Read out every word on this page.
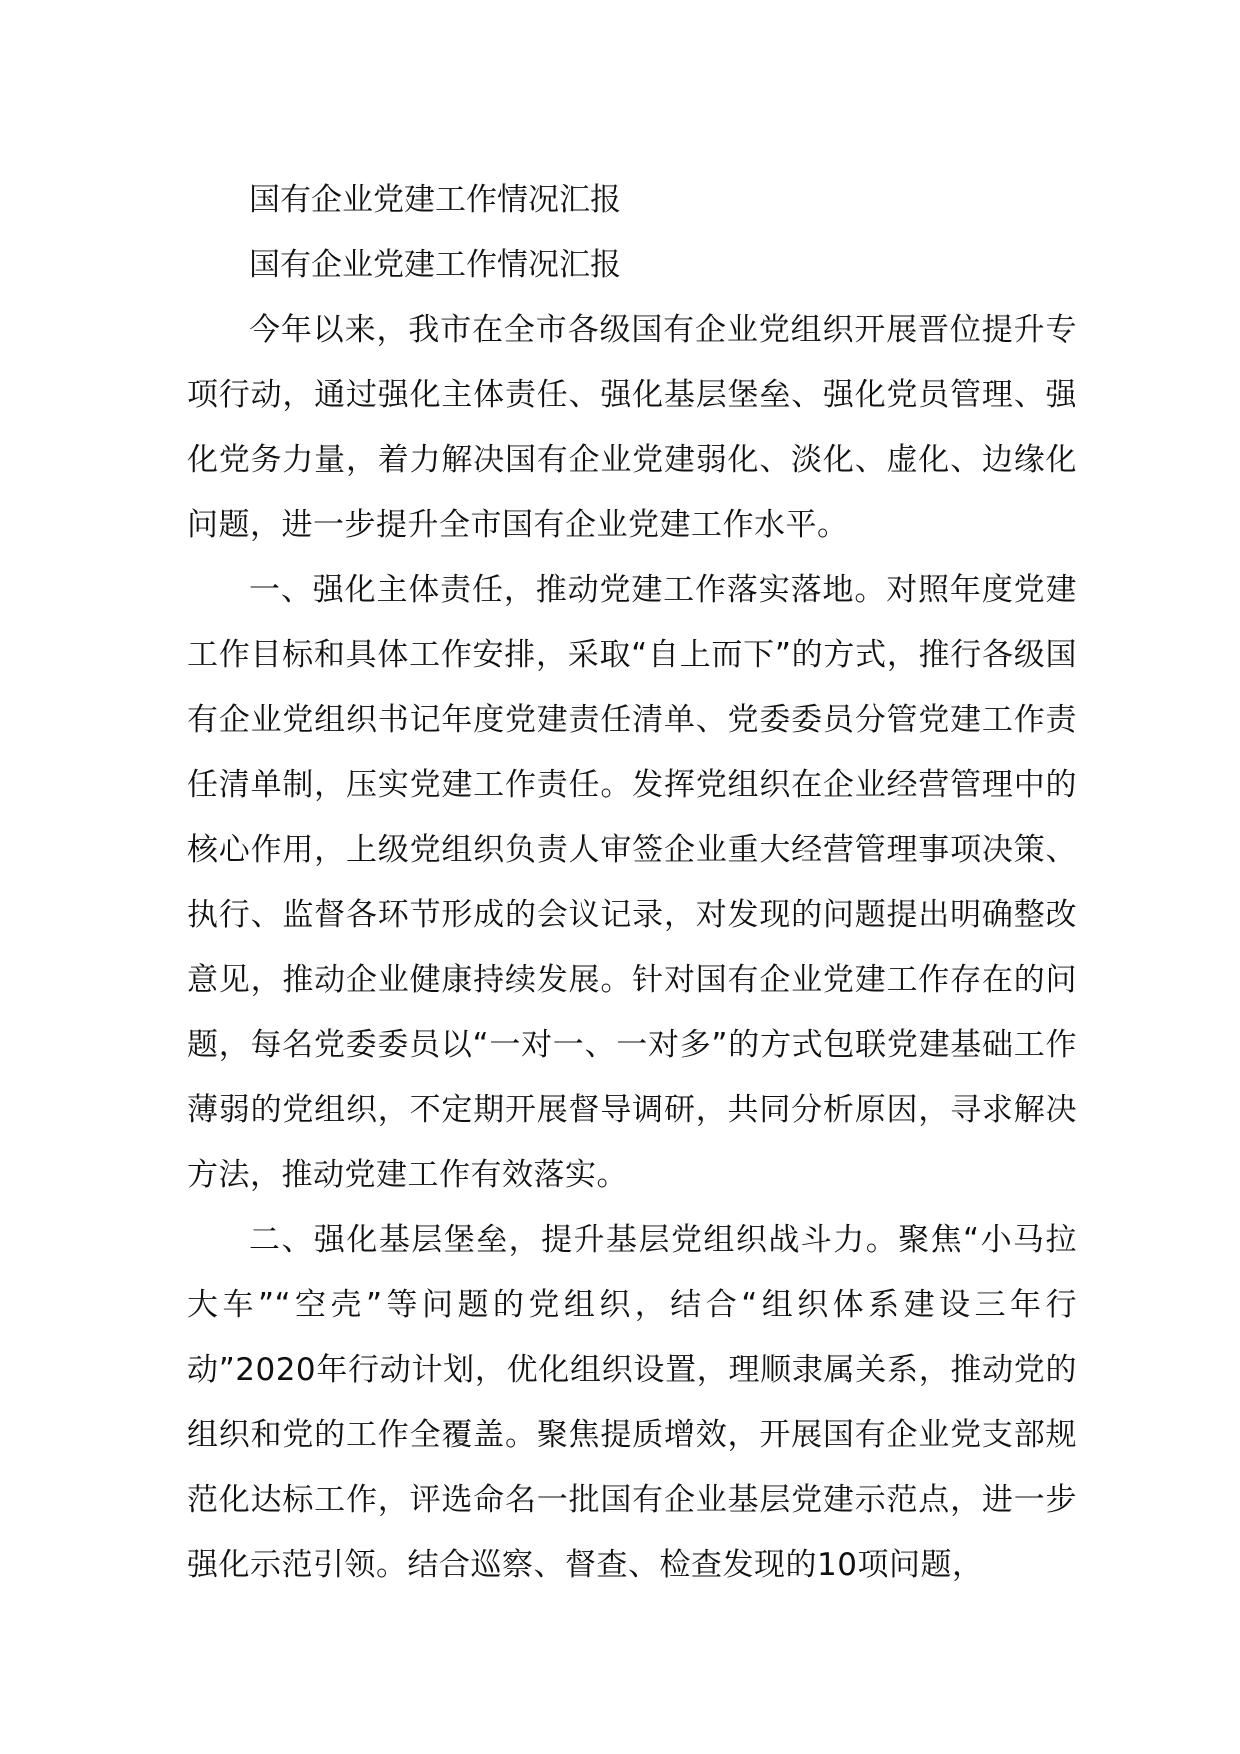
国有企业党建工作情况汇报

国有企业党建工作情况汇报

今年以来，我市在全市各级国有企业党组织开展晋位提升专项行动，通过强化主体责任、强化基层堡垒、强化党员管理、强化党务力量，着力解决国有企业党建弱化、淡化、虚化、边缘化问题，进一步提升全市国有企业党建工作水平。

一、强化主体责任，推动党建工作落实落地。对照年度党建工作目标和具体工作安排，采取“自上而下”的方式，推行各级国有企业党组织书记年度党建责任清单、党委委员分管党建工作责任清单制，压实党建工作责任。发挥党组织在企业经营管理中的核心作用，上级党组织负责人审签企业重大经营管理事项决策、执行、监督各环节形成的会议记录，对发现的问题提出明确整改意见，推动企业健康持续发展。针对国有企业党建工作存在的问题，每名党委委员以“一对一、一对多”的方式包联党建基础工作薄弱的党组织，不定期开展督导调研，共同分析原因，寻求解决方法，推动党建工作有效落实。

二、强化基层堡垒，提升基层党组织战斗力。聚焦“小马拉大车”“空壳”等问题的党组织，结合“组织体系建设三年行动”2020年行动计划，优化组织设置，理顺隶属关系，推动党的组织和党的工作全覆盖。聚焦提质增效，开展国有企业党支部规范化达标工作，评选命名一批国有企业基层党建示范点，进一步强化示范引领。结合巡察、督查、检查发现的10项问题，
